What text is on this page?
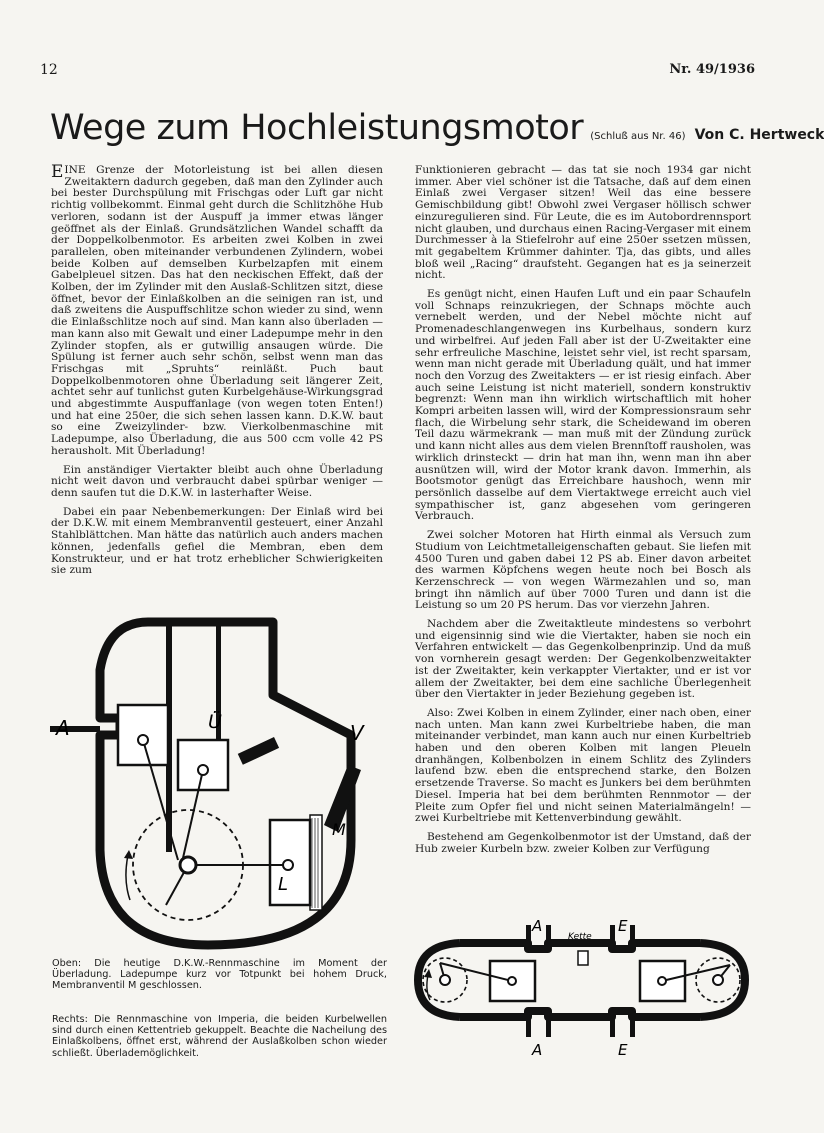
12	Nr. 49/1936
Wege zum Hochleistungsmotor (Schluß aus Nr. 46) Von C. Hertweck

EINE Grenze der Motorleistung ist bei allen diesen Zweitaktern dadurch gegeben, daß man den Zylinder auch bei bester Durchspülung mit Frischgas oder Luft gar nicht richtig vollbekommt. Einmal geht durch die Schlitzhöhe Hub verloren, sodann ist der Auspuff ja immer etwas länger geöffnet als der Einlaß. Grundsätzlichen Wandel schafft da der Doppelkolbenmotor. Es arbeiten zwei Kolben in zwei parallelen, oben miteinander verbundenen Zylindern, wobei beide Kolben auf demselben Kurbelzapfen mit einem Gabelpleuel sitzen. Das hat den neckischen Effekt, daß der Kolben, der im Zylinder mit den Auslaß-Schlitzen sitzt, diese öffnet, bevor der Einlaßkolben an die seinigen ran ist, und daß zweitens die Auspuffschlitze schon wieder zu sind, wenn die Einlaßschlitze noch auf sind. Man kann also überladen — man kann also mit Gewalt und einer Ladepumpe mehr in den Zylinder stopfen, als er gutwillig ansaugen würde. Die Spülung ist ferner auch sehr schön, selbst wenn man das Frischgas mit „Spruhts“ reinläßt. Puch baut Doppelkolbenmotoren ohne Überladung seit längerer Zeit, achtet sehr auf tunlichst guten Kurbelgehäuse-Wirkungsgrad und abgestimmte Auspuffanlage (von wegen toten Enten!) und hat eine 250er, die sich sehen lassen kann. D.K.W. baut so eine Zweizylinder- bzw. Vierkolbenmaschine mit Ladepumpe, also Überladung, die aus 500 ccm volle 42 PS herausholt. Mit Überladung!

Ein anständiger Viertakter bleibt auch ohne Überladung nicht weit davon und verbraucht dabei spürbar weniger — denn saufen tut die D.K.W. in lasterhafter Weise.

Dabei ein paar Nebenbemerkungen: Der Einlaß wird bei der D.K.W. mit einem Membranventil gesteuert, einer Anzahl Stahlblättchen. Man hätte das natürlich auch anders machen können, jedenfalls gefiel die Membran, eben dem Konstrukteur, und er hat trotz erheblicher Schwierigkeiten sie zum

Funktionieren gebracht — das tat sie noch 1934 gar nicht immer. Aber viel schöner ist die Tatsache, daß auf dem einen Einlaß zwei Vergaser sitzen! Weil das eine bessere Gemischbildung gibt! Obwohl zwei Vergaser höllisch schwer einzuregulieren sind. Für Leute, die es im Autobordrennsport nicht glauben, und durchaus einen Racing-Vergaser mit einem Durchmesser à la Stiefelrohr auf eine 250er ssetzen müssen, mit gegabeltem Krümmer dahinter. Tja, das gibts, und alles bloß weil „Racing“ draufsteht. Gegangen hat es ja seinerzeit nicht.

Es genügt nicht, einen Haufen Luft und ein paar Schaufeln voll Schnaps reinzukriegen, der Schnaps möchte auch vernebelt werden, und der Nebel möchte nicht auf Promenadeschlangenwegen ins Kurbelhaus, sondern kurz und wirbelfrei. Auf jeden Fall aber ist der U-Zweitakter eine sehr erfreuliche Maschine, leistet sehr viel, ist recht sparsam, wenn man nicht gerade mit Überladung quält, und hat immer noch den Vorzug des Zweitakters — er ist riesig einfach. Aber auch seine Leistung ist nicht materiell, sondern konstruktiv begrenzt: Wenn man ihn wirklich wirtschaftlich mit hoher Kompri arbeiten lassen will, wird der Kompressionsraum sehr flach, die Wirbelung sehr stark, die Scheidewand im oberen Teil dazu wärmekrank — man muß mit der Zündung zurück und kann nicht alles aus dem vielen Brennſtoff rausholen, was wirklich drinsteckt — drin hat man ihn, wenn man ihn aber ausnützen will, wird der Motor krank davon. Immerhin, als Bootsmotor genügt das Erreichbare haushoch, wenn mir persönlich dasselbe auf dem Viertaktwege erreicht auch viel sympathischer ist, ganz abgesehen vom geringeren Verbrauch.

Zwei solcher Motoren hat Hirth einmal als Versuch zum Studium von Leichtmetalleigenschaften gebaut. Sie liefen mit 4500 Turen und gaben dabei 12 PS ab. Einer davon arbeitet des warmen Köpfchens wegen heute noch bei Bosch als Kerzenschreck — von wegen Wärmezahlen und so, man bringt ihn nämlich auf über 7000 Turen und dann ist die Leistung so um 20 PS herum. Das vor vierzehn Jahren.

Nachdem aber die Zweitaktleute mindestens so verbohrt und eigensinnig sind wie die Viertakter, haben sie noch ein Verfahren entwickelt — das Gegenkolbenprinzip. Und da muß von vornherein gesagt werden: Der Gegenkolbenzweitakter ist der Zweitakter, kein verkappter Viertakter, und er ist vor allem der Zweitakter, bei dem eine sachliche Überlegenheit über den Viertakter in jeder Beziehung gegeben ist.

Also: Zwei Kolben in einem Zylinder, einer nach oben, einer nach unten. Man kann zwei Kurbeltriebe haben, die man miteinander verbindet, man kann auch nur einen Kurbeltrieb haben und den oberen Kolben mit langen Pleueln dranhängen, Kolbenbolzen in einem Schlitz des Zylinders laufend bzw. eben die entsprechend starke, den Bolzen ersetzende Traverse. So macht es Junkers bei dem berühmten Diesel. Imperia hat bei dem berühmten Rennmotor — der Pleite zum Opfer fiel und nicht seinen Materialmängeln! — zwei Kurbeltriebe mit Kettenverbindung gewählt.

Bestehend am Gegenkolbenmotor ist der Umstand, daß der Hub zweier Kurbeln bzw. zweier Kolben zur Verfügung

A	Ü	V
L
M
A
Kette
E
A	E
Oben: Die heutige D.K.W.-Rennmaschine im Moment der Überladung. Ladepumpe kurz vor Totpunkt bei hohem Druck, Membranventil M geschlossen.
Rechts: Die Rennmaschine von Imperia, die beiden Kurbelwellen sind durch einen Kettentrieb gekuppelt. Beachte die Nacheilung des Einlaßkolbens, öffnet erst, während der Auslaßkolben schon wieder schließt. Überlademöglichkeit.
